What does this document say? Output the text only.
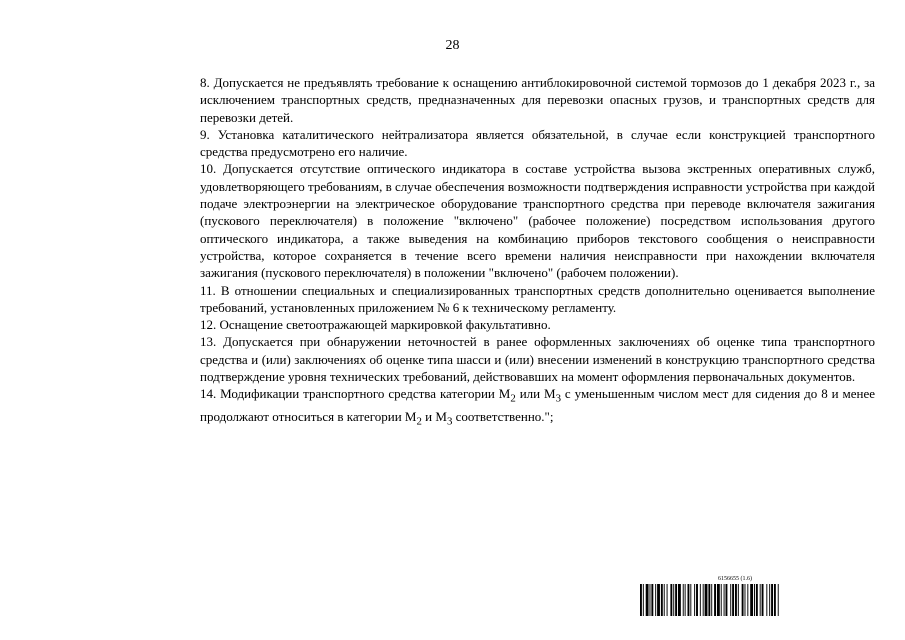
28

8. Допускается не предъявлять требование к оснащению антиблокировочной системой тормозов до 1 декабря 2023 г., за исключением транспортных средств, предназначенных для перевозки опасных грузов, и транспортных средств для перевозки детей.

9. Установка каталитического нейтрализатора является обязательной, в случае если конструкцией транспортного средства предусмотрено его наличие.

10. Допускается отсутствие оптического индикатора в составе устройства вызова экстренных оперативных служб, удовлетворяющего требованиям, в случае обеспечения возможности подтверждения исправности устройства при каждой подаче электроэнергии на электрическое оборудование транспортного средства при переводе включателя зажигания (пускового переключателя) в положение "включено" (рабочее положение) посредством использования другого оптического индикатора, а также выведения на комбинацию приборов текстового сообщения о неисправности устройства, которое сохраняется в течение всего времени наличия неисправности при нахождении включателя зажигания (пускового переключателя) в положении "включено" (рабочем положении).

11. В отношении специальных и специализированных транспортных средств дополнительно оценивается выполнение требований, установленных приложением № 6 к техническому регламенту.

12. Оснащение светоотражающей маркировкой факультативно.

13. Допускается при обнаружении неточностей в ранее оформленных заключениях об оценке типа транспортного средства и (или) заключениях об оценке типа шасси и (или) внесении изменений в конструкцию транспортного средства подтверждение уровня технических требований, действовавших на момент оформления первоначальных документов.

14. Модификации транспортного средства категории $М_2$ или $М_3$ с уменьшенным числом мест для сидения до 8 и менее продолжают относиться в категории $М_2$ и $М_3$ соответственно.";

6156655 (1.6)
